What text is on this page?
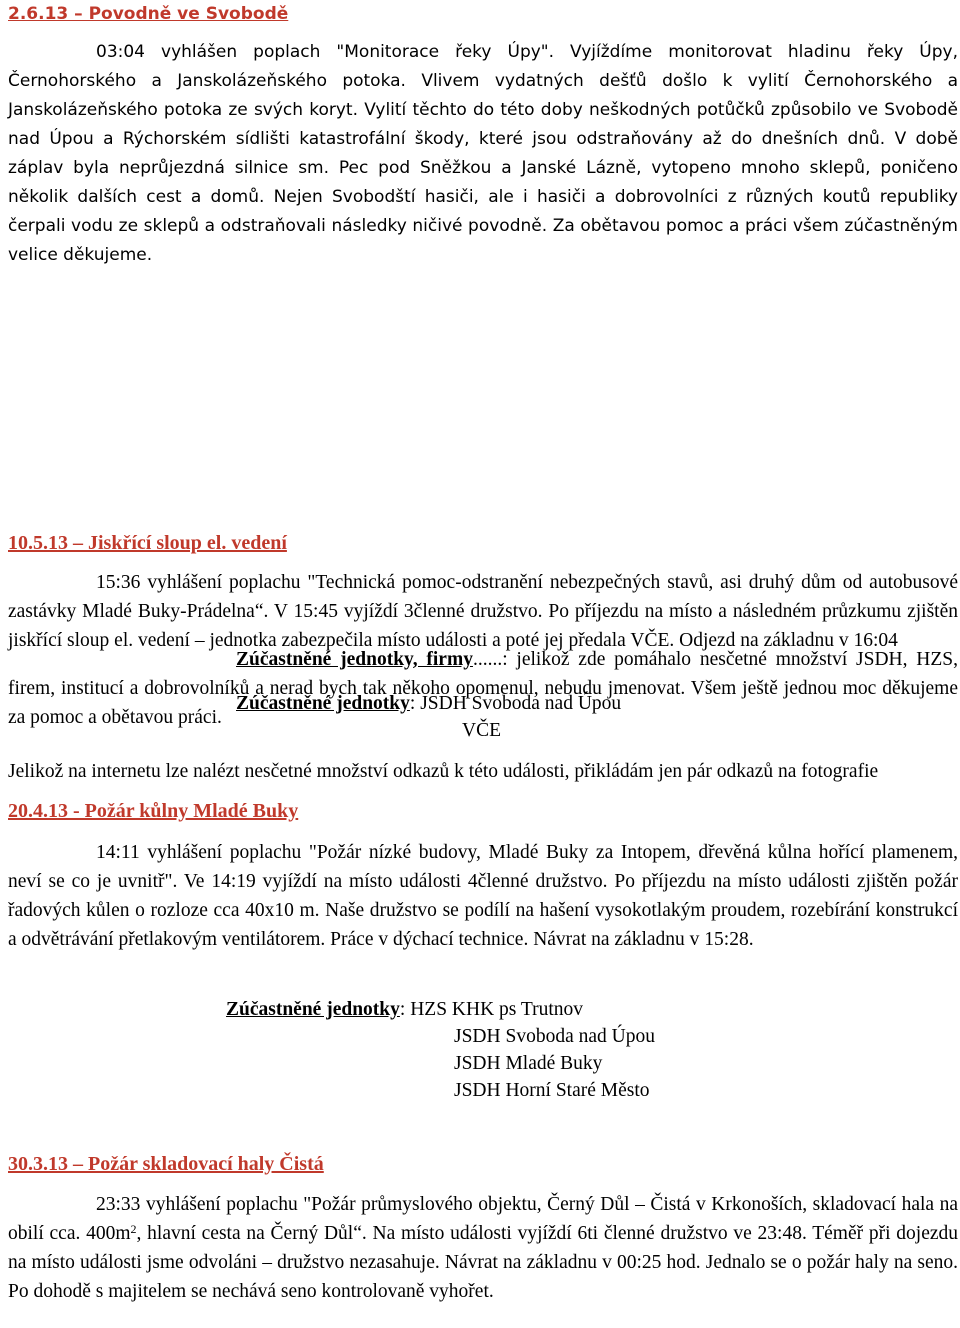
2.6.13 – Povodně ve Svobodě

03:04 vyhlášen poplach "Monitorace řeky Úpy". Vyjíždíme monitorovat hladinu řeky Úpy, Černohorského a Janskolázeňského potoka. Vlivem vydatných dešťů došlo k vylití Černohorského a Janskolázeňského potoka ze svých koryt. Vylití těchto do této doby neškodných potůčků způsobilo ve Svobodě nad Úpou a Rýchorském sídlišti katastrofální škody, které jsou odstraňovány až do dnešních dnů. V době záplav byla neprůjezdná silnice sm. Pec pod Sněžkou a Janské Lázně, vytopeno mnoho sklepů, poničeno několik dalších cest a domů. Nejen Svobodští hasiči, ale i hasiči a dobrovolníci z různých koutů republiky čerpali vodu ze sklepů a odstraňovali následky ničivé povodně. Za obětavou pomoc a práci všem zúčastněným velice děkujeme.

Zúčastněné jednotky, firmy......: jelikož zde pomáhalo nesčetné množství JSDH, HZS, firem, institucí a dobrovolníků a nerad bych tak někoho opomenul, nebudu jmenovat. Všem ještě jednou moc děkujeme za pomoc a obětavou práci.

Jelikož na internetu lze nalézt nesčetné množství odkazů k této události, přikládám jen pár odkazů na fotografie

10.5.13 – Jiskřící sloup el. vedení

15:36 vyhlášení poplachu "Technická pomoc-odstranění nebezpečných stavů, asi druhý dům od autobusové zastávky Mladé Buky-Prádelna“. V 15:45 vyjíždí 3členné družstvo. Po příjezdu na místo a následném průzkumu zjištěn jiskřící sloup el. vedení – jednotka zabezpečila místo události a poté jej předala VČE. Odjezd na základnu v 16:04

Zúčastněné jednotky : JSDH Svoboda nad Úpou
VČE
20.4.13 - Požár kůlny Mladé Buky

14:11 vyhlášení poplachu "Požár nízké budovy, Mladé Buky za Intopem, dřevěná kůlna hořící plamenem, neví se co je uvnitř". Ve 14:19 vyjíždí na místo události 4členné družstvo. Po příjezdu na místo události zjištěn požár řadových kůlen o rozloze cca 40x10 m. Naše družstvo se podílí na hašení vysokotlakým proudem, rozebírání konstrukcí a odvětrávání přetlakovým ventilátorem. Práce v dýchací technice. Návrat na základnu v 15:28.

Zúčastněné jednotky : HZS KHK ps Trutnov
JSDH Svoboda nad Úpou
JSDH Mladé Buky
JSDH Horní Staré Město
30.3.13 – Požár skladovací haly Čistá

23:33 vyhlášení poplachu "Požár průmyslového objektu, Černý Důl – Čistá v Krkonoších, skladovací hala na obilí cca. $400m^2$, hlavní cesta na Černý Důl“. Na místo události vyjíždí 6ti členné družstvo ve 23:48. Téměř při dojezdu na místo události jsme odvoláni – družstvo nezasahuje. Návrat na základnu v 00:25 hod. Jednalo se o požár haly na seno. Po dohodě s majitelem se nechává seno kontrolovaně vyhořet.
